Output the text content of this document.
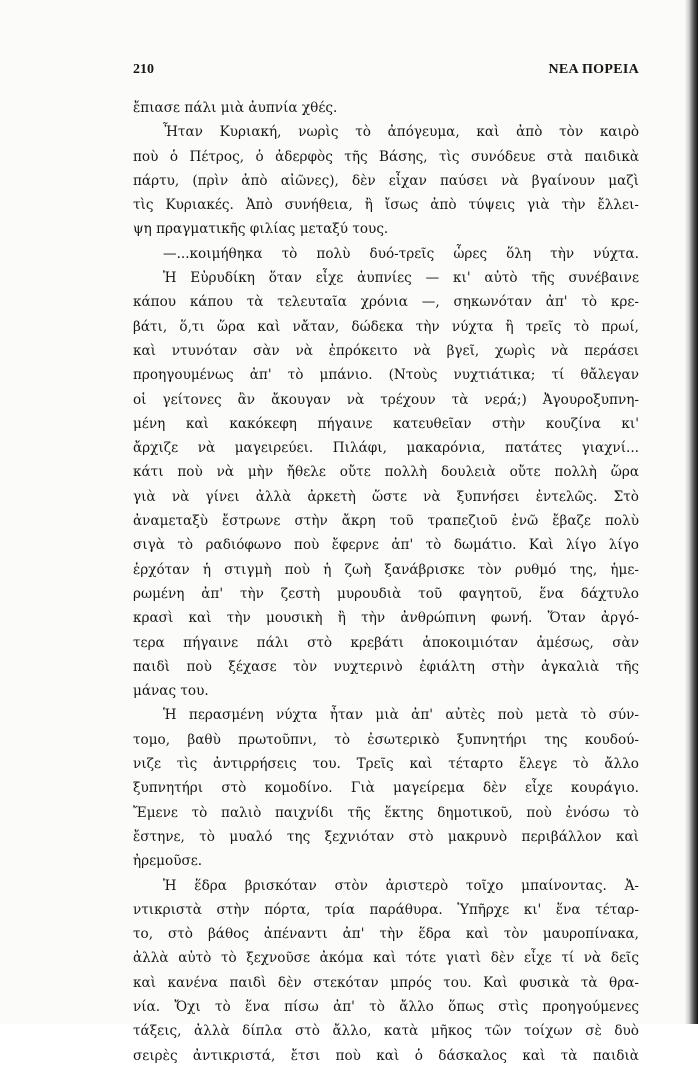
210	ΝΕΑ ΠΟΡΕΙΑ
ἔπιασε πάλι μιὰ ἀυπνία χθές.
Ἦταν Κυριακή, νωρὶς τὸ ἀπόγευμα, καὶ ἀπὸ τὸν καιρὸ
ποὺ ὁ Πέτρος, ὁ ἀδερφὸς τῆς Βάσης, τὶς συνόδευε στὰ παιδικὰ
πάρτυ, (πρὶν ἀπὸ αἰῶνες), δὲν εἶχαν παύσει νὰ βγαίνουν μαζὶ
τὶς Κυριακές. Ἀπὸ συνήθεια, ἢ ἴσως ἀπὸ τύψεις γιὰ τὴν ἔλλει-
ψη πραγματικῆς φιλίας μεταξύ τους.
—...κοιμήθηκα τὸ πολὺ δυό-τρεῖς ὧρες ὅλη τὴν νύχτα.
Ἡ Εὐρυδίκη ὅταν εἶχε ἀυπνίες — κι' αὐτὸ τῆς συνέβαινε
κάπου κάπου τὰ τελευταῖα χρόνια —, σηκωνόταν ἀπ' τὸ κρε-
βάτι, ὅ,τι ὥρα καὶ νἄταν, δώδεκα τὴν νύχτα ἢ τρεῖς τὸ πρωί,
καὶ ντυνόταν σὰν νὰ ἐπρόκειτο νὰ βγεῖ, χωρὶς νὰ περάσει
προηγουμένως ἀπ' τὸ μπάνιο. (Ντοὺς νυχτιάτικα; τί θἄλεγαν
οἱ γείτονες ἂν ἄκουγαν νὰ τρέχουν τὰ νερά;) Ἀγουροξυπνη-
μένη καὶ κακόκεφη πήγαινε κατευθεῖαν στὴν κουζίνα κι'
ἄρχιζε νὰ μαγειρεύει. Πιλάφι, μακαρόνια, πατάτες γιαχνί...
κάτι ποὺ νὰ μὴν ἤθελε οὔτε πολλὴ δουλειὰ οὔτε πολλὴ ὥρα
γιὰ νὰ γίνει ἀλλὰ ἀρκετὴ ὥστε νὰ ξυπνήσει ἐντελῶς. Στὸ
ἀναμεταξὺ ἔστρωνε στὴν ἄκρη τοῦ τραπεζιοῦ ἐνῶ ἔβαζε πολὺ
σιγὰ τὸ ραδιόφωνο ποὺ ἔφερνε ἀπ' τὸ δωμάτιο. Καὶ λίγο λίγο
ἐρχόταν ἡ στιγμὴ ποὺ ἡ ζωὴ ξανάβρισκε τὸν ρυθμό της, ἡμε-
ρωμένη ἀπ' τὴν ζεστὴ μυρουδιὰ τοῦ φαγητοῦ, ἕνα δάχτυλο
κρασὶ καὶ τὴν μουσικὴ ἢ τὴν ἀνθρώπινη φωνή. Ὅταν ἀργό-
τερα πήγαινε πάλι στὸ κρεβάτι ἀποκοιμιόταν ἀμέσως, σὰν
παιδὶ ποὺ ξέχασε τὸν νυχτερινὸ ἐφιάλτη στὴν ἀγκαλιὰ τῆς
μάνας του.
Ἡ περασμένη νύχτα ἦταν μιὰ ἀπ' αὐτὲς ποὺ μετὰ τὸ σύν-
τομο, βαθὺ πρωτοῦπνι, τὸ ἐσωτερικὸ ξυπνητήρι της κουδού-
νιζε τὶς ἀντιρρήσεις του. Τρεῖς καὶ τέταρτο ἔλεγε τὸ ἄλλο
ξυπνητήρι στὸ κομοδίνο. Γιὰ μαγείρεμα δὲν εἶχε κουράγιο.
Ἔμενε τὸ παλιὸ παιχνίδι τῆς ἕκτης δημοτικοῦ, ποὺ ἐνόσω τὸ
ἔστηνε, τὸ μυαλό της ξεχνιόταν στὸ μακρυνὸ περιβάλλον καὶ
ἠρεμοῦσε.
Ἡ ἕδρα βρισκόταν στὸν ἀριστερὸ τοῖχο μπαίνοντας. Ἀ-
ντικριστὰ στὴν πόρτα, τρία παράθυρα. Ὑπῆρχε κι' ἕνα τέταρ-
το, στὸ βάθος ἀπέναντι ἀπ' τὴν ἕδρα καὶ τὸν μαυροπίνακα,
ἀλλὰ αὐτὸ τὸ ξεχνοῦσε ἀκόμα καὶ τότε γιατὶ δὲν εἶχε τί νὰ δεῖς
καὶ κανένα παιδὶ δὲν στεκόταν μπρός του. Καὶ φυσικὰ τὰ θρα-
νία. Ὄχι τὸ ἕνα πίσω ἀπ' τὸ ἄλλο ὅπως στὶς προηγούμενες
τάξεις, ἀλλὰ δίπλα στὸ ἄλλο, κατὰ μῆκος τῶν τοίχων σὲ δυὸ
σειρὲς ἀντικριστά, ἔτσι ποὺ καὶ ὁ δάσκαλος καὶ τὰ παιδιὰ
